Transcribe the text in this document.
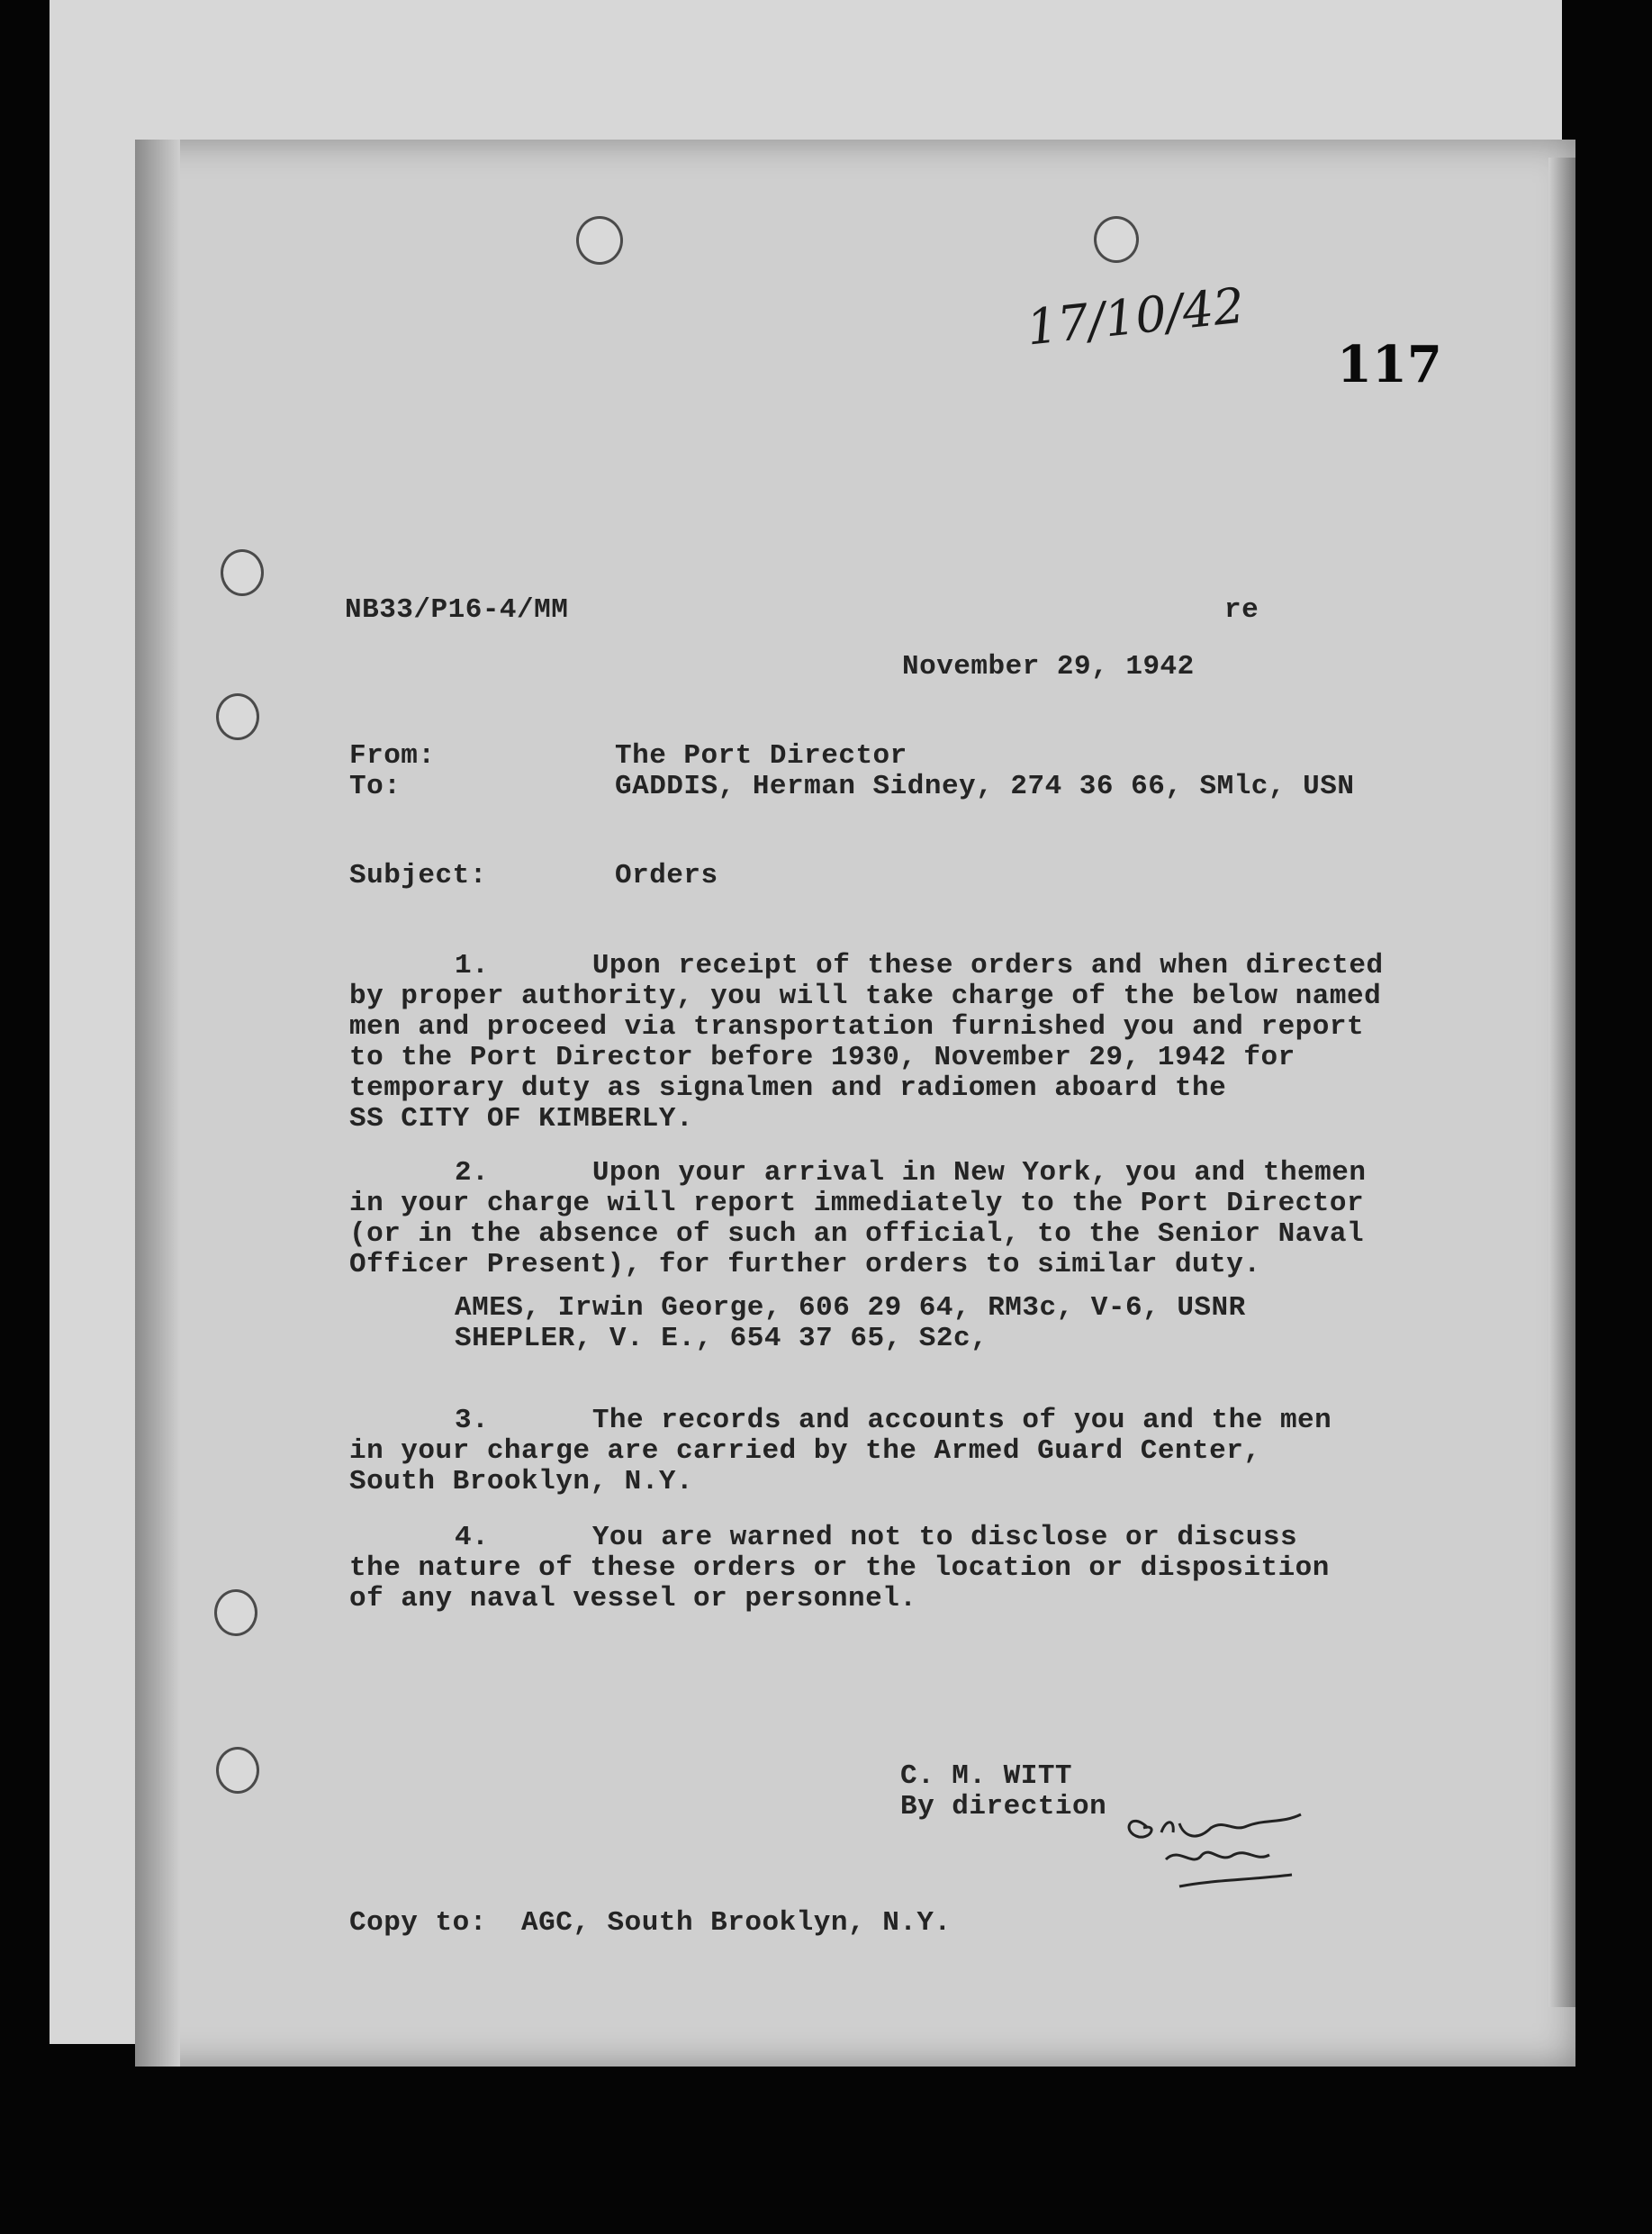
17/10/42
117
NB33/P16-4/MM	re
November 29, 1942
From:	The Port Director
To:	GADDIS, Herman Sidney, 274 36 66, SMlc, USN
Subject:	Orders
1.      Upon receipt of these orders and when directed
by proper authority, you will take charge of the below named
men and proceed via transportation furnished you and report
to the Port Director before 1930, November 29, 1942 for
temporary duty as signalmen and radiomen aboard the
SS CITY OF KIMBERLY.
2.      Upon your arrival in New York, you and themen
in your charge will report immediately to the Port Director
(or in the absence of such an official, to the Senior Naval
Officer Present), for further orders to similar duty.
AMES, Irwin George, 606 29 64, RM3c, V-6, USNR
SHEPLER, V. E., 654 37 65, S2c,
3.      The records and accounts of you and the men
in your charge are carried by the Armed Guard Center,
South Brooklyn, N.Y.
4.      You are warned not to disclose or discuss
the nature of these orders or the location or disposition
of any naval vessel or personnel.
C. M. WITT
By direction
Copy to:  AGC, South Brooklyn, N.Y.
